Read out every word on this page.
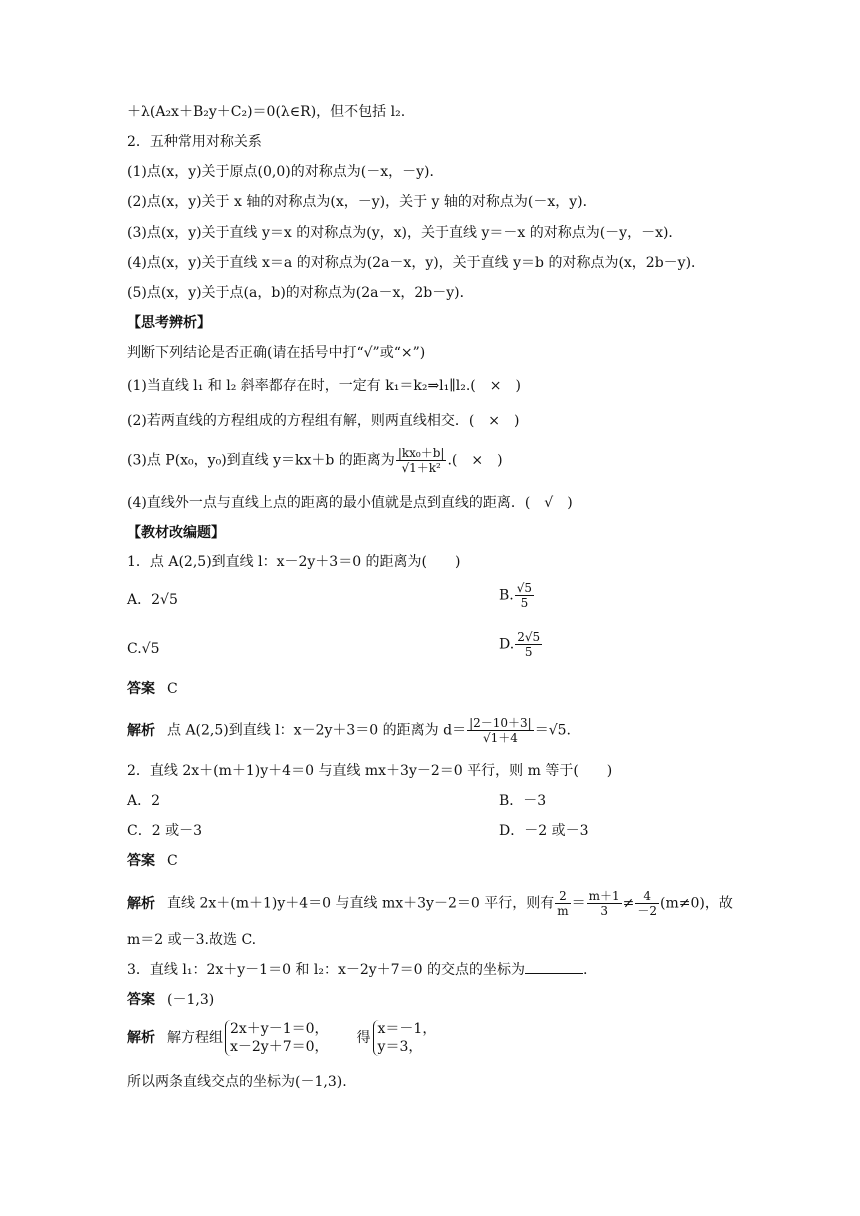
＋λ(A₂x＋B₂y＋C₂)＝0(λ∈R)，但不包括 l₂.
2．五种常用对称关系
(1)点(x，y)关于原点(0,0)的对称点为(－x，－y)．
(2)点(x，y)关于 x 轴的对称点为(x，－y)，关于 y 轴的对称点为(－x，y)．
(3)点(x，y)关于直线 y＝x 的对称点为(y，x)，关于直线 y＝－x 的对称点为(－y，－x)．
(4)点(x，y)关于直线 x＝a 的对称点为(2a－x，y)，关于直线 y＝b 的对称点为(x，2b－y)．
(5)点(x，y)关于点(a，b)的对称点为(2a－x，2b－y)．
【思考辨析】
判断下列结论是否正确(请在括号中打“√”或“×”)
(1)当直线 l₁ 和 l₂ 斜率都存在时，一定有 k₁＝k₂⇒l₁∥l₂.(　×　)
(2)若两直线的方程组成的方程组有解，则两直线相交．(　×　)
(3)点 P(x₀，y₀)到直线 y＝kx＋b 的距离为 $\frac{\text{|kx₀＋b|}}{\text{√1＋k²}}$ .(　×　)
(4)直线外一点与直线上点的距离的最小值就是点到直线的距离．(　√　)
【教材改编题】
1．点 A(2,5)到直线 l：x－2y＋3＝0 的距离为(　　)
A．2√5	B. $\frac{√5}{5}$
C.√5	D. $\frac{2√5}{5}$
答案 C
解析 点 A(2,5)到直线 l：x－2y＋3＝0 的距离为 $d= \frac{|2-10+3|}{√1+4} =√5$.
2．直线 2x＋(m＋1)y＋4＝0 与直线 mx＋3y－2＝0 平行，则 m 等于(　　)
A．2	B．－3
C．2 或－3	D．－2 或－3
答案 C
解析 直线 2x＋(m＋1)y＋4＝0 与直线 mx＋3y－2＝0 平行，则有 $\frac{2}{m} = \frac{m+1}{3} \ne \frac{4}{-2} (m\ne 0)$，故
m＝2 或－3.故选 C.
3．直线 l₁：2x＋y－1＝0 和 l₂：x－2y＋7＝0 的交点的坐标为	.
答案 (－1,3)
解析 解方程组
2x＋y－1＝0，
x－2y＋7＝0，
得
x＝－1，
y＝3，
所以两条直线交点的坐标为(－1,3).
